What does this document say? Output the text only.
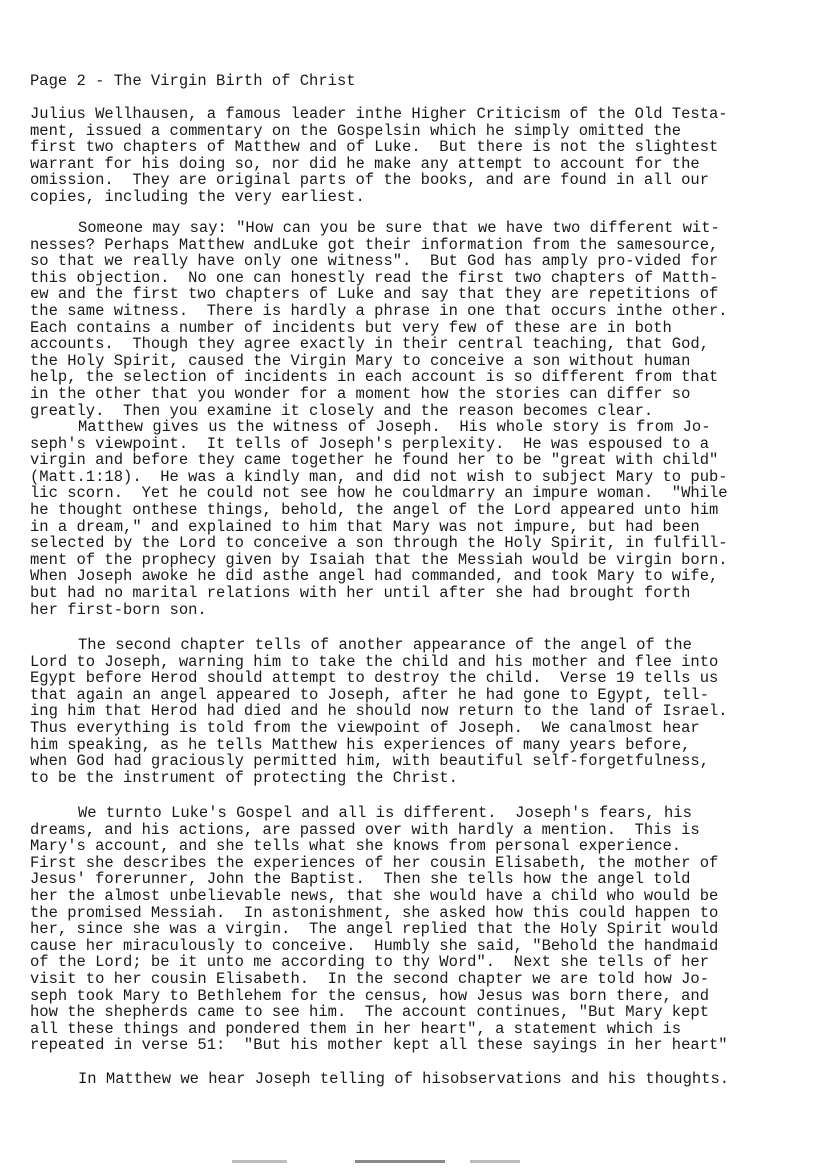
Page 2 - The Virgin Birth of Christ
Julius Wellhausen, a famous leader inthe Higher Criticism of the Old Testa-
ment, issued a commentary on the Gospelsin which he simply omitted the
first two chapters of Matthew and of Luke.  But there is not the slightest
warrant for his doing so, nor did he make any attempt to account for the
omission.  They are original parts of the books, and are found in all our
copies, including the very earliest.
Someone may say: "How can you be sure that we have two different wit-
nesses? Perhaps Matthew andLuke got their information from the samesource,
so that we really have only one witness".  But God has amply pro-vided for
this objection.  No one can honestly read the first two chapters of Matth-
ew and the first two chapters of Luke and say that they are repetitions of
the same witness.  There is hardly a phrase in one that occurs inthe other.
Each contains a number of incidents but very few of these are in both
accounts.  Though they agree exactly in their central teaching, that God,
the Holy Spirit, caused the Virgin Mary to conceive a son without human
help, the selection of incidents in each account is so different from that
in the other that you wonder for a moment how the stories can differ so
greatly.  Then you examine it closely and the reason becomes clear.
Matthew gives us the witness of Joseph.  His whole story is from Jo-
seph's viewpoint.  It tells of Joseph's perplexity.  He was espoused to a
virgin and before they came together he found her to be "great with child"
(Matt.1:18).  He was a kindly man, and did not wish to subject Mary to pub-
lic scorn.  Yet he could not see how he couldmarry an impure woman.  "While
he thought onthese things, behold, the angel of the Lord appeared unto him
in a dream," and explained to him that Mary was not impure, but had been
selected by the Lord to conceive a son through the Holy Spirit, in fulfill-
ment of the prophecy given by Isaiah that the Messiah would be virgin born.
When Joseph awoke he did asthe angel had commanded, and took Mary to wife,
but had no marital relations with her until after she had brought forth
her first-born son.
The second chapter tells of another appearance of the angel of the
Lord to Joseph, warning him to take the child and his mother and flee into
Egypt before Herod should attempt to destroy the child.  Verse 19 tells us
that again an angel appeared to Joseph, after he had gone to Egypt, tell-
ing him that Herod had died and he should now return to the land of Israel.
Thus everything is told from the viewpoint of Joseph.  We canalmost hear
him speaking, as he tells Matthew his experiences of many years before,
when God had graciously permitted him, with beautiful self-forgetfulness,
to be the instrument of protecting the Christ.
We turnto Luke's Gospel and all is different.  Joseph's fears, his
dreams, and his actions, are passed over with hardly a mention.  This is
Mary's account, and she tells what she knows from personal experience.
First she describes the experiences of her cousin Elisabeth, the mother of
Jesus' forerunner, John the Baptist.  Then she tells how the angel told
her the almost unbelievable news, that she would have a child who would be
the promised Messiah.  In astonishment, she asked how this could happen to
her, since she was a virgin.  The angel replied that the Holy Spirit would
cause her miraculously to conceive.  Humbly she said, "Behold the handmaid
of the Lord; be it unto me according to thy Word".  Next she tells of her
visit to her cousin Elisabeth.  In the second chapter we are told how Jo-
seph took Mary to Bethlehem for the census, how Jesus was born there, and
how the shepherds came to see him.  The account continues, "But Mary kept
all these things and pondered them in her heart", a statement which is
repeated in verse 51:  "But his mother kept all these sayings in her heart"
In Matthew we hear Joseph telling of hisobservations and his thoughts.
